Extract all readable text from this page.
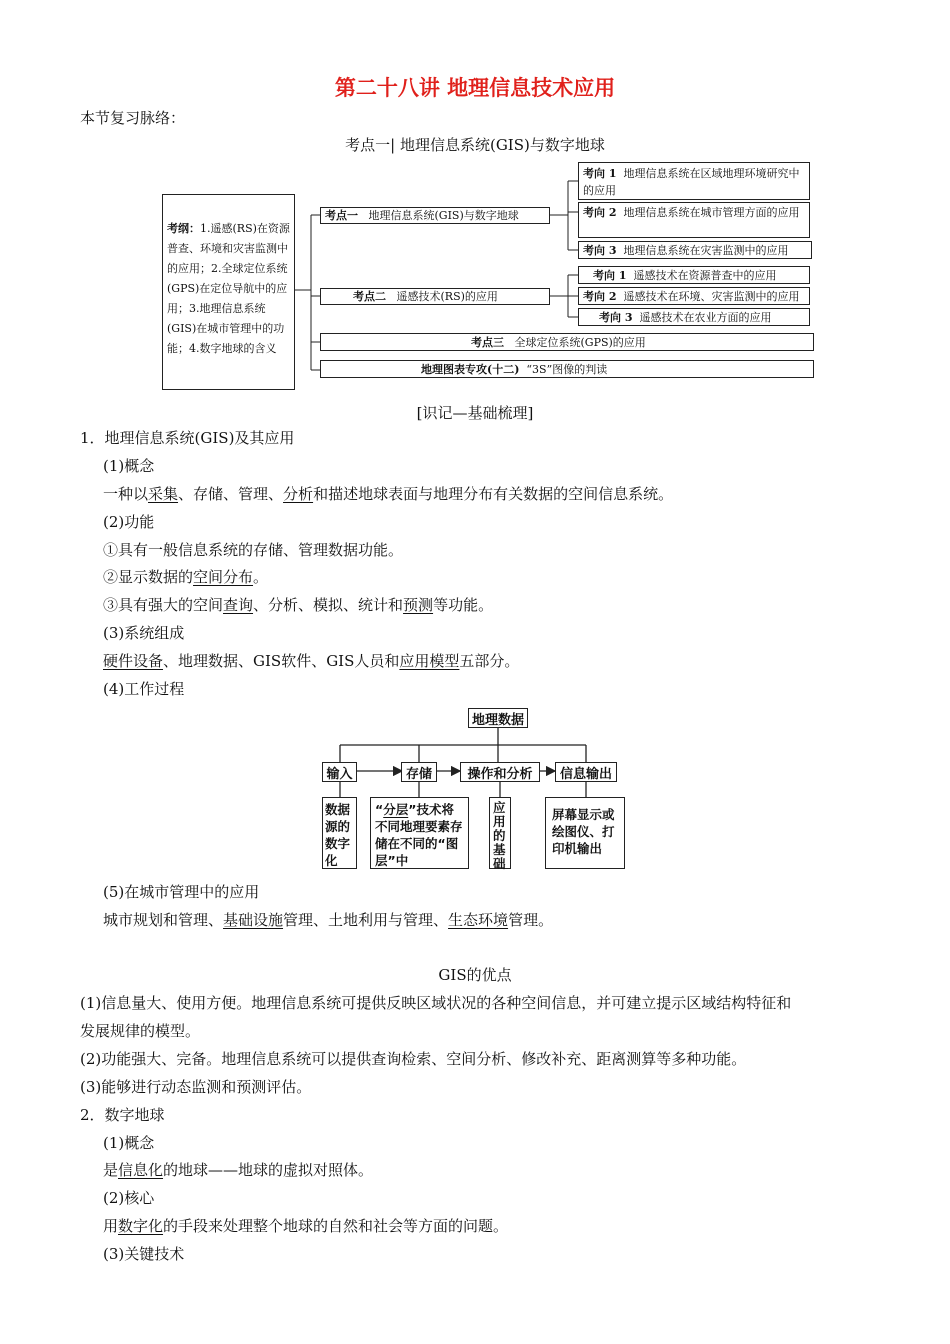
第二十八讲 地理信息技术应用
本节复习脉络：
考点一| 地理信息系统(GIS)与数字地球
考纲：1.遥感(RS)在资源普查、环境和灾害监测中的应用；2.全球定位系统(GPS)在定位导航中的应用；3.地理信息系统(GIS)在城市管理中的功能；4.数字地球的含义
考点一 地理信息系统(GIS)与数字地球
考点二 遥感技术(RS)的应用
考点三 全球定位系统(GPS)的应用
地理图表专攻(十二) “3S”图像的判读
考向 1 地理信息系统在区域地理环境研究中的应用
考向 2 地理信息系统在城市管理方面的应用
考向 3 地理信息系统在灾害监测中的应用
考向 1 遥感技术在资源普查中的应用
考向 2 遥感技术在环境、灾害监测中的应用
考向 3 遥感技术在农业方面的应用
[识记—基础梳理]
1．地理信息系统(GIS)及其应用
(1)概念
一种以采集、存储、管理、分析和描述地球表面与地理分布有关数据的空间信息系统。
(2)功能
①具有一般信息系统的存储、管理数据功能。
②显示数据的空间分布。
③具有强大的空间查询、分析、模拟、统计和预测等功能。
(3)系统组成
硬件设备、地理数据、GIS软件、GIS人员和应用模型五部分。
(4)工作过程
地理数据
输入	存储	操作和分析	信息输出
数据源的数字化
“分层”技术将不同地理要素存储在不同的“图层”中
应用的基础
屏幕显示或绘图仪、打印机输出
(5)在城市管理中的应用
城市规划和管理、基础设施管理、土地利用与管理、生态环境管理。
GIS的优点
(1)信息量大、使用方便。地理信息系统可提供反映区域状况的各种空间信息，并可建立提示区域结构特征和
发展规律的模型。
(2)功能强大、完备。地理信息系统可以提供查询检索、空间分析、修改补充、距离测算等多种功能。
(3)能够进行动态监测和预测评估。
2．数字地球
(1)概念
是信息化的地球——地球的虚拟对照体。
(2)核心
用数字化的手段来处理整个地球的自然和社会等方面的问题。
(3)关键技术
